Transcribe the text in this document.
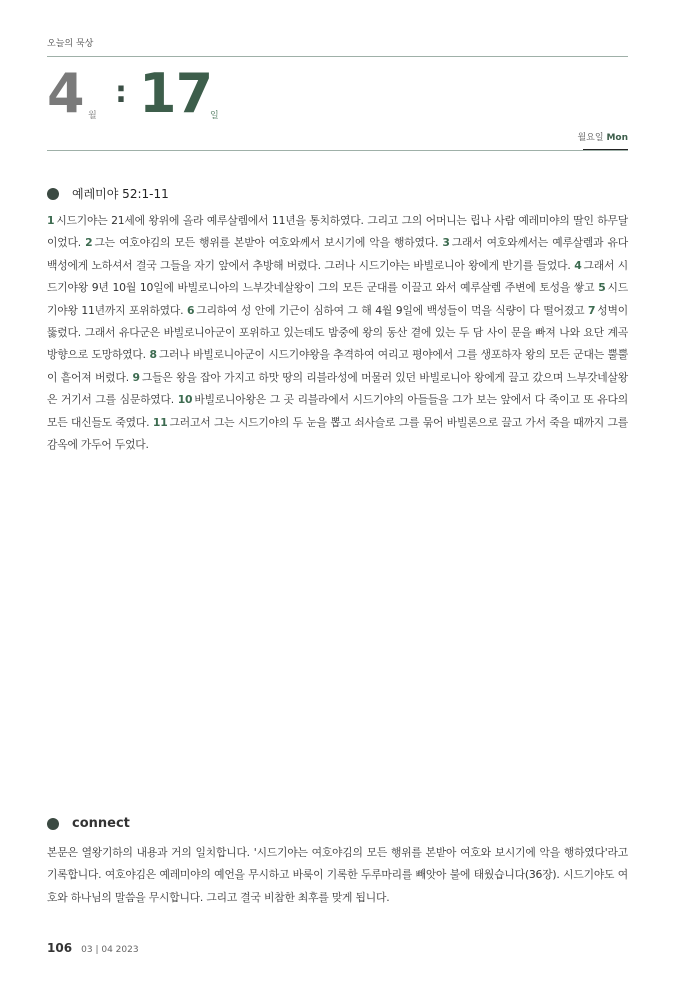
오늘의 묵상
4 월
: 17
일
월요일 Mon
예레미야 52:1-11
1 시드기야는 21세에 왕위에 올라 예루살렘에서 11년을 통치하였다. 그리고 그의 어머니는 립나 사람 예레미야의 딸인 하무달이었다. 2 그는 여호야김의 모든 행위를 본받아 여호와께서 보시기에 악을 행하였다. 3 그래서 여호와께서는 예루살렘과 유다 백성에게 노하셔서 결국 그들을 자기 앞에서 추방해 버렸다. 그러나 시드기야는 바빌로니아 왕에게 반기를 들었다. 4 그래서 시드기야왕 9년 10월 10일에 바빌로니아의 느부갓네살왕이 그의 모든 군대를 이끌고 와서 예루살렘 주변에 토성을 쌓고 5 시드기야왕 11년까지 포위하였다. 6 그리하여 성 안에 기근이 심하여 그 해 4월 9일에 백성들이 먹을 식량이 다 떨어졌고 7 성벽이 뚫렸다. 그래서 유다군은 바빌로니아군이 포위하고 있는데도 밤중에 왕의 동산 곁에 있는 두 담 사이 문을 빠져 나와 요단 계곡 방향으로 도망하였다. 8 그러나 바빌로니아군이 시드기야왕을 추격하여 여리고 평야에서 그를 생포하자 왕의 모든 군대는 뿔뿔이 흩어져 버렸다. 9 그들은 왕을 잡아 가지고 하맛 땅의 리블라성에 머물러 있던 바빌로니아 왕에게 끌고 갔으며 느부갓네살왕은 거기서 그를 심문하였다. 10 바빌로니아왕은 그 곳 리블라에서 시드기야의 아들들을 그가 보는 앞에서 다 죽이고 또 유다의 모든 대신들도 죽였다. 11 그러고서 그는 시드기야의 두 눈을 뽑고 쇠사슬로 그를 묶어 바빌론으로 끌고 가서 죽을 때까지 그를 감옥에 가두어 두었다.
connect
본문은 열왕기하의 내용과 거의 일치합니다. '시드기야는 여호야김의 모든 행위를 본받아 여호와 보시기에 악을 행하였다'라고 기록합니다. 여호야김은 예레미야의 예언을 무시하고 바룩이 기록한 두루마리를 빼앗아 불에 태웠습니다(36장). 시드기야도 여호와 하나님의 말씀을 무시합니다. 그리고 결국 비참한 최후를 맞게 됩니다.
106 03 | 04 2023
